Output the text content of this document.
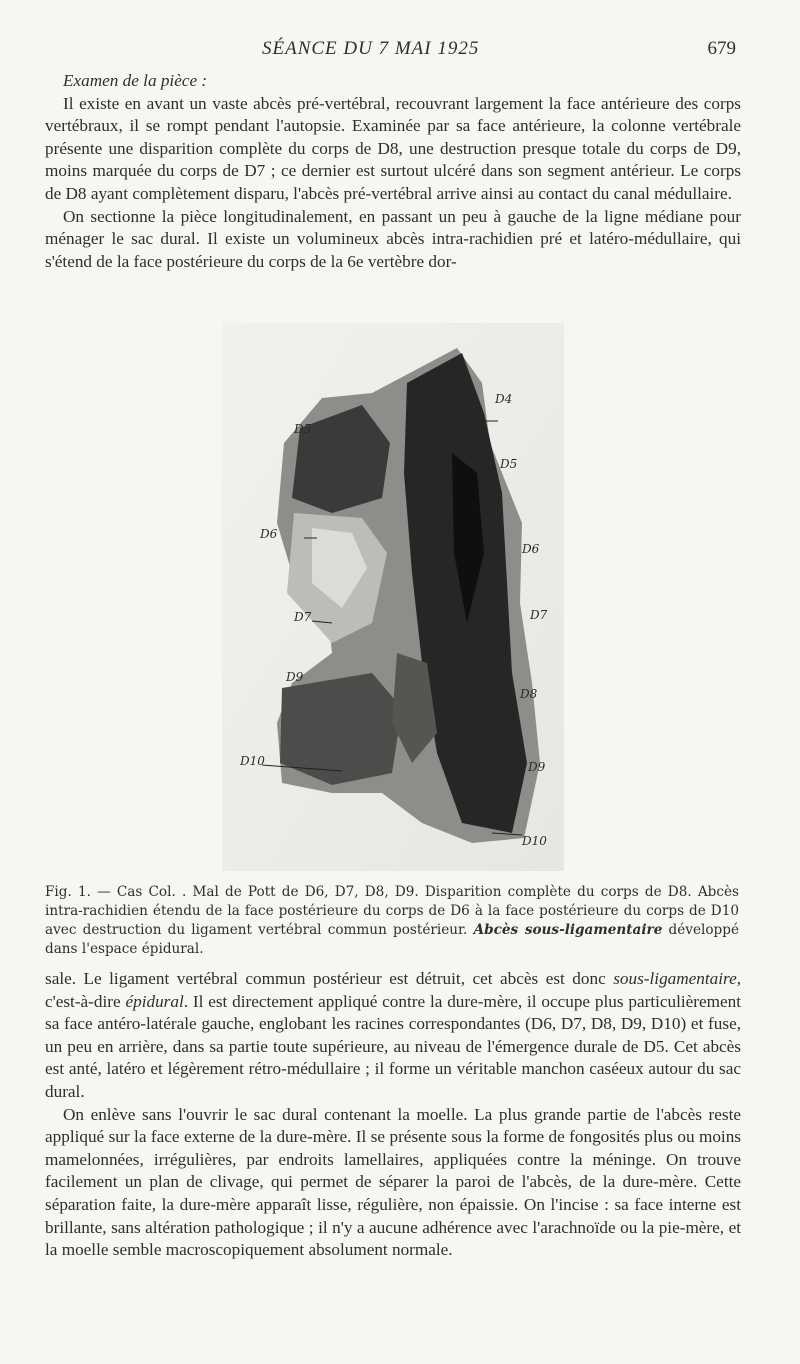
SÉANCE DU 7 MAI 1925	679

Examen de la pièce :

Il existe en avant un vaste abcès pré-vertébral, recouvrant largement la face antérieure des corps vertébraux, il se rompt pendant l'autopsie. Examinée par sa face antérieure, la colonne vertébrale présente une disparition complète du corps de D8, une destruction presque totale du corps de D9, moins marquée du corps de D7 ; ce dernier est surtout ulcéré dans son segment antérieur. Le corps de D8 ayant complètement disparu, l'abcès pré-vertébral arrive ainsi au contact du canal médullaire.

On sectionne la pièce longitudinalement, en passant un peu à gauche de la ligne médiane pour ménager le sac dural. Il existe un volumineux abcès intra-rachidien pré et latéro-médullaire, qui s'étend de la face postérieure du corps de la 6e vertèbre dor-

D4
D5
D5
D6
D6
D7	D7
D8
D9
D9
D10
D10
Fig. 1. — Cas Col. . Mal de Pott de D6, D7, D8, D9. Disparition complète du corps de D8. Abcès intra-rachidien étendu de la face postérieure du corps de D6 à la face postérieure du corps de D10 avec destruction du ligament vertébral commun postérieur. Abcès sous-ligamentaire développé dans l'espace épidural.

sale. Le ligament vertébral commun postérieur est détruit, cet abcès est donc sous-ligamentaire, c'est-à-dire épidural. Il est directement appliqué contre la dure-mère, il occupe plus particulièrement sa face antéro-latérale gauche, englobant les racines correspondantes (D6, D7, D8, D9, D10) et fuse, un peu en arrière, dans sa partie toute supérieure, au niveau de l'émergence durale de D5. Cet abcès est anté, latéro et légèrement rétro-médullaire ; il forme un véritable manchon caséeux autour du sac dural.

On enlève sans l'ouvrir le sac dural contenant la moelle. La plus grande partie de l'abcès reste appliqué sur la face externe de la dure-mère. Il se présente sous la forme de fongosités plus ou moins mamelonnées, irrégulières, par endroits lamellaires, appliquées contre la méninge. On trouve facilement un plan de clivage, qui permet de séparer la paroi de l'abcès, de la dure-mère. Cette séparation faite, la dure-mère apparaît lisse, régulière, non épaissie. On l'incise : sa face interne est brillante, sans altération pathologique ; il n'y a aucune adhérence avec l'arachnoïde ou la pie-mère, et la moelle semble macroscopiquement absolument normale.
